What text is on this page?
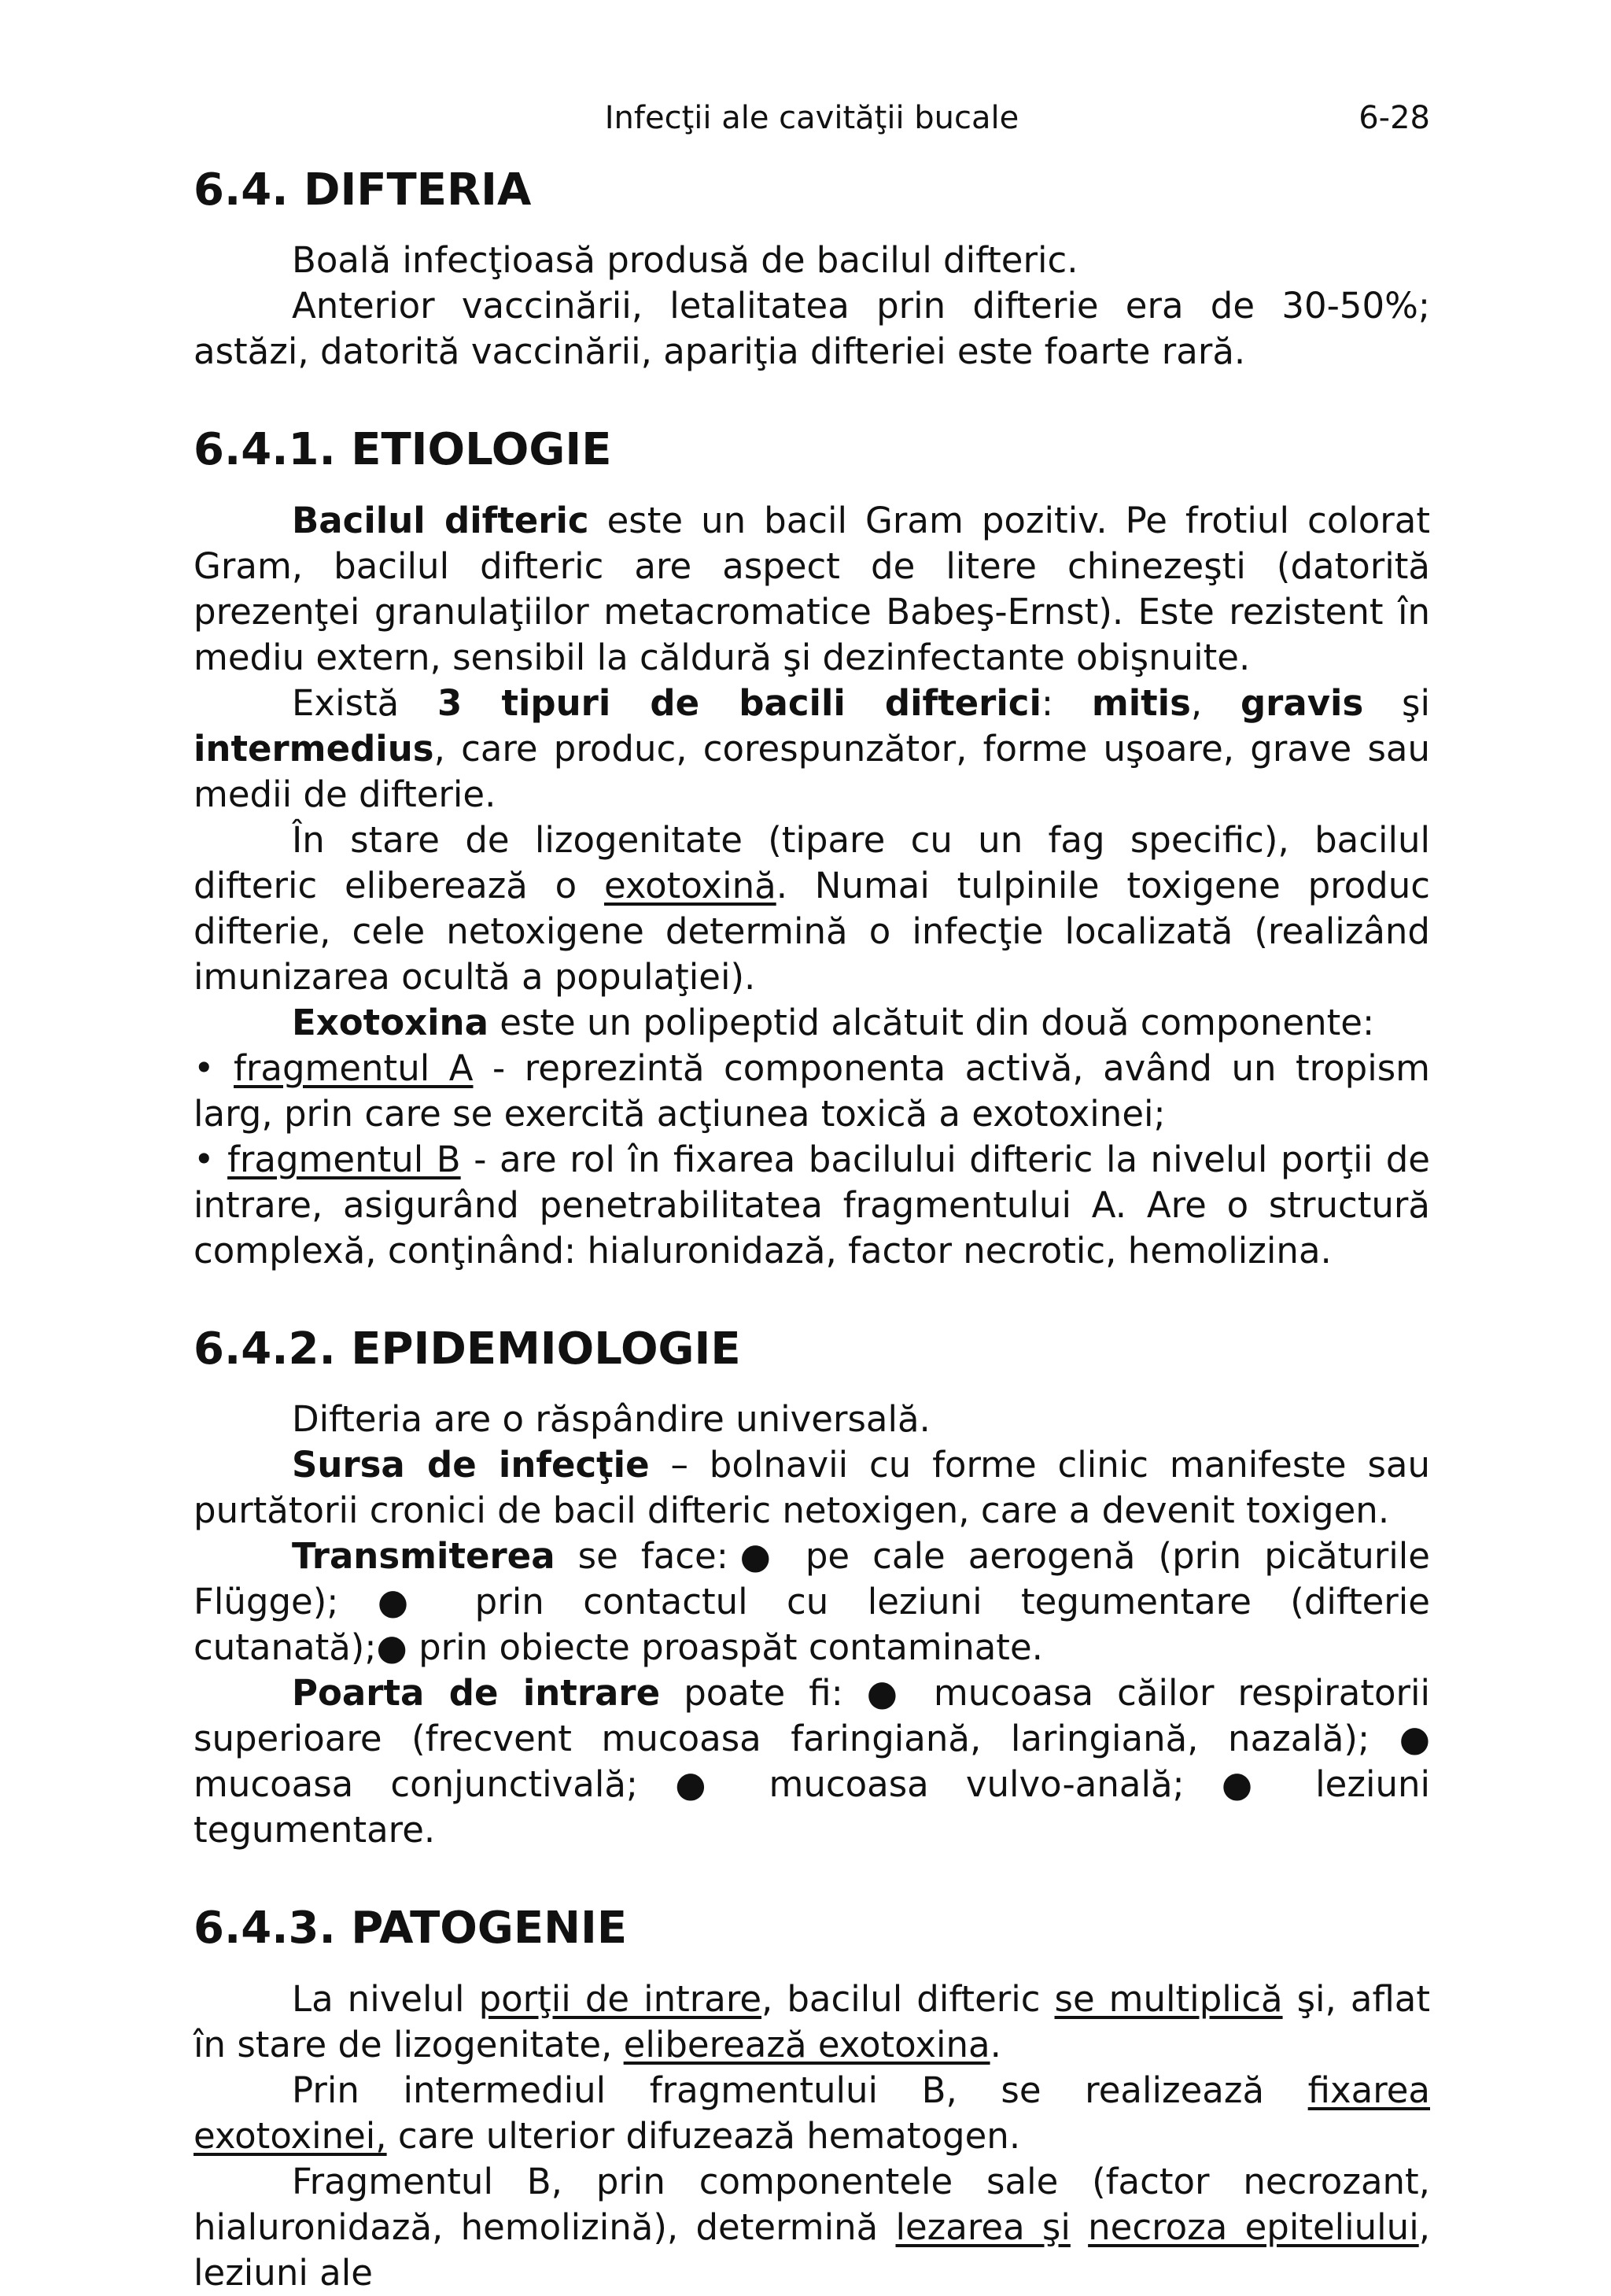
Infecţii ale cavităţii bucale	6-28
6.4. DIFTERIA

Boală infecţioasă produsă de bacilul difteric.

Anterior vaccinării, letalitatea prin difterie era de 30-50%; astăzi, datorită vaccinării, apariţia difteriei este foarte rară.

6.4.1. ETIOLOGIE

Bacilul difteric este un bacil Gram pozitiv. Pe frotiul colorat Gram, bacilul difteric are aspect de litere chinezeşti (datorită prezenţei granulaţiilor metacromatice Babeş-Ernst). Este rezistent în mediu extern, sensibil la căldură şi dezinfectante obişnuite.

Există 3 tipuri de bacili difterici: mitis, gravis şi intermedius, care produc, corespunzător, forme uşoare, grave sau medii de difterie.

În stare de lizogenitate (tipare cu un fag specific), bacilul difteric eliberează o exotoxină. Numai tulpinile toxigene produc difterie, cele netoxigene determină o infecţie localizată (realizând imunizarea ocultă a populaţiei).

Exotoxina este un polipeptid alcătuit din două componente:

• fragmentul A - reprezintă componenta activă, având un tropism larg, prin care se exercită acţiunea toxică a exotoxinei;

• fragmentul B - are rol în fixarea bacilului difteric la nivelul porţii de intrare, asigurând penetrabilitatea fragmentului A. Are o structură complexă, conţinând: hialuronidază, factor necrotic, hemolizina.

6.4.2. EPIDEMIOLOGIE

Difteria are o răspândire universală.

Sursa de infecţie – bolnavii cu forme clinic manifeste sau purtătorii cronici de bacil difteric netoxigen, care a devenit toxigen.

Transmiterea se face:● pe cale aerogenă (prin picăturile Flügge); ● prin contactul cu leziuni tegumentare (difterie cutanată);● prin obiecte proaspăt contaminate.

Poarta de intrare poate fi: ● mucoasa căilor respiratorii superioare (frecvent mucoasa faringiană, laringiană, nazală); ● mucoasa conjunctivală; ● mucoasa vulvo-anală; ● leziuni tegumentare.

6.4.3. PATOGENIE

La nivelul porţii de intrare, bacilul difteric se multiplică şi, aflat în stare de lizogenitate, eliberează exotoxina.

Prin intermediul fragmentului B, se realizează fixarea exotoxinei, care ulterior difuzează hematogen.

Fragmentul B, prin componentele sale (factor necrozant, hialuronidază, hemolizină), determină lezarea şi necroza epiteliului, leziuni ale
